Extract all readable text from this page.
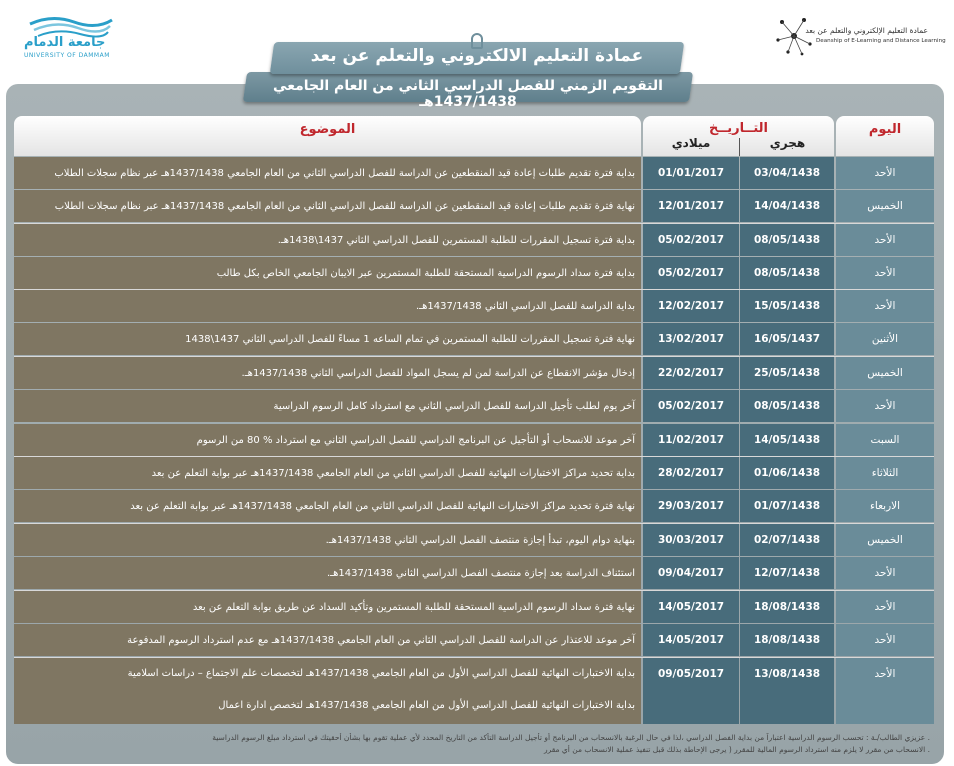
جامعة الدمام
UNIVERSITY OF DAMMAM
عمادة التعليم الإلكتروني والتعلم عن بعد
Deanship of E-Learning and Distance Learning
التقويم الزمني للفصل الدراسي الثاني من العام الجامعي 1437/1438هـ
عمادة التعليم الالكتروني والتعلم عن بعد
الموضوع	التــاريــخ
هجري
ميلادي
اليوم
بداية فترة تقديم طلبات إعادة قيد المنقطعين عن الدراسة للفصل الدراسي الثاني من العام الجامعي 1437/1438هـ عبر نظام سجلات الطلاب	01/01/2017	03/04/1438	الأحد
نهاية فترة تقديم طلبات إعادة قيد المنقطعين عن الدراسة للفصل الدراسي الثاني من العام الجامعي 1437/1438هـ عبر نظام سجلات الطلاب	12/01/2017	14/04/1438	الخميس
بداية فترة تسجيل المقررات للطلبة المستمرين للفصل الدراسي الثاني 1437\1438هـ.	05/02/2017	08/05/1438	الأحد
بداية فترة سداد الرسوم الدراسية المستحقة للطلبة المستمرين عبر الايبان الجامعي الخاص بكل طالب	05/02/2017	08/05/1438	الأحد
بداية الدراسة للفصل الدراسي الثاني 1437/1438هـ.	12/02/2017	15/05/1438	الأحد
نهاية فترة تسجيل المقررات للطلبة المستمرين في تمام الساعه 1 مساءً للفصل الدراسي الثاني 1437\1438	13/02/2017	16/05/1437	الأثنين
إدخال مؤشر الانقطاع عن الدراسة لمن لم يسجل المواد للفصل الدراسي الثاني 1437/1438هـ.	22/02/2017	25/05/1438	الخميس
آخر يوم لطلب تأجيل الدراسة للفصل الدراسي الثاني مع استرداد كامل الرسوم الدراسية	05/02/2017	08/05/1438	الأحد
آخر موعد للانسحاب أو التأجيل عن البرنامج الدراسي للفصل الدراسي الثاني مع استرداد % 80 من الرسوم	11/02/2017	14/05/1438	السبت
بداية تحديد مراكز الاختبارات النهائية للفصل الدراسي الثاني من العام الجامعي 1437/1438هـ عبر بوابة التعلم عن بعد	28/02/2017	01/06/1438	الثلاثاء
نهاية فترة تحديد مراكز الاختبارات النهائية للفصل الدراسي الثاني من العام الجامعي 1437/1438هـ عبر بوابة التعلم عن بعد	29/03/2017	01/07/1438	الاربعاء
بنهاية دوام اليوم، تبدأ إجازة منتصف الفصل الدراسي الثاني 1437/1438هـ.	30/03/2017	02/07/1438	الخميس
استئناف الدراسة بعد إجازة منتصف الفصل الدراسي الثاني 1437/1438هـ.	09/04/2017	12/07/1438	الأحد
نهاية فترة سداد الرسوم الدراسية المستحقة للطلبة المستمرين وتأكيد السداد عن طريق بوابة التعلم عن بعد	14/05/2017	18/08/1438	الأحد
آخر موعد للاعتذار عن الدراسة للفصل الدراسي الثاني من العام الجامعي 1437/1438هـ مع عدم استرداد الرسوم المدفوعة	14/05/2017	18/08/1438	الأحد
بداية الاختبارات النهائية للفصل الدراسي الأول من العام الجامعي 1437/1438هـ لتخصصات علم الاجتماع – دراسات اسلامية
بداية الاختبارات النهائية للفصل الدراسي الأول من العام الجامعي 1437/1438هـ لتخصص ادارة اعمال
09/05/2017	13/08/1438	الأحد
. عزيزي الطالب/ـة : تحسب الرسوم الدراسية اعتباراً من بداية الفصل الدراسي ،لذا في حال الرغبة بالانسحاب من البرنامج أو تأجيل الدراسة التأكد من التاريخ المحدد لأي عملية تقوم بها بشأن أحقيتك في استرداد مبلغ الرسوم الدراسية
. الانسحاب من مقرر لا يلزم منه استرداد الرسوم المالية للمقرر ( يرجى الإحاطة بذلك قبل تنفيذ عملية الانسحاب من أي مقرر
